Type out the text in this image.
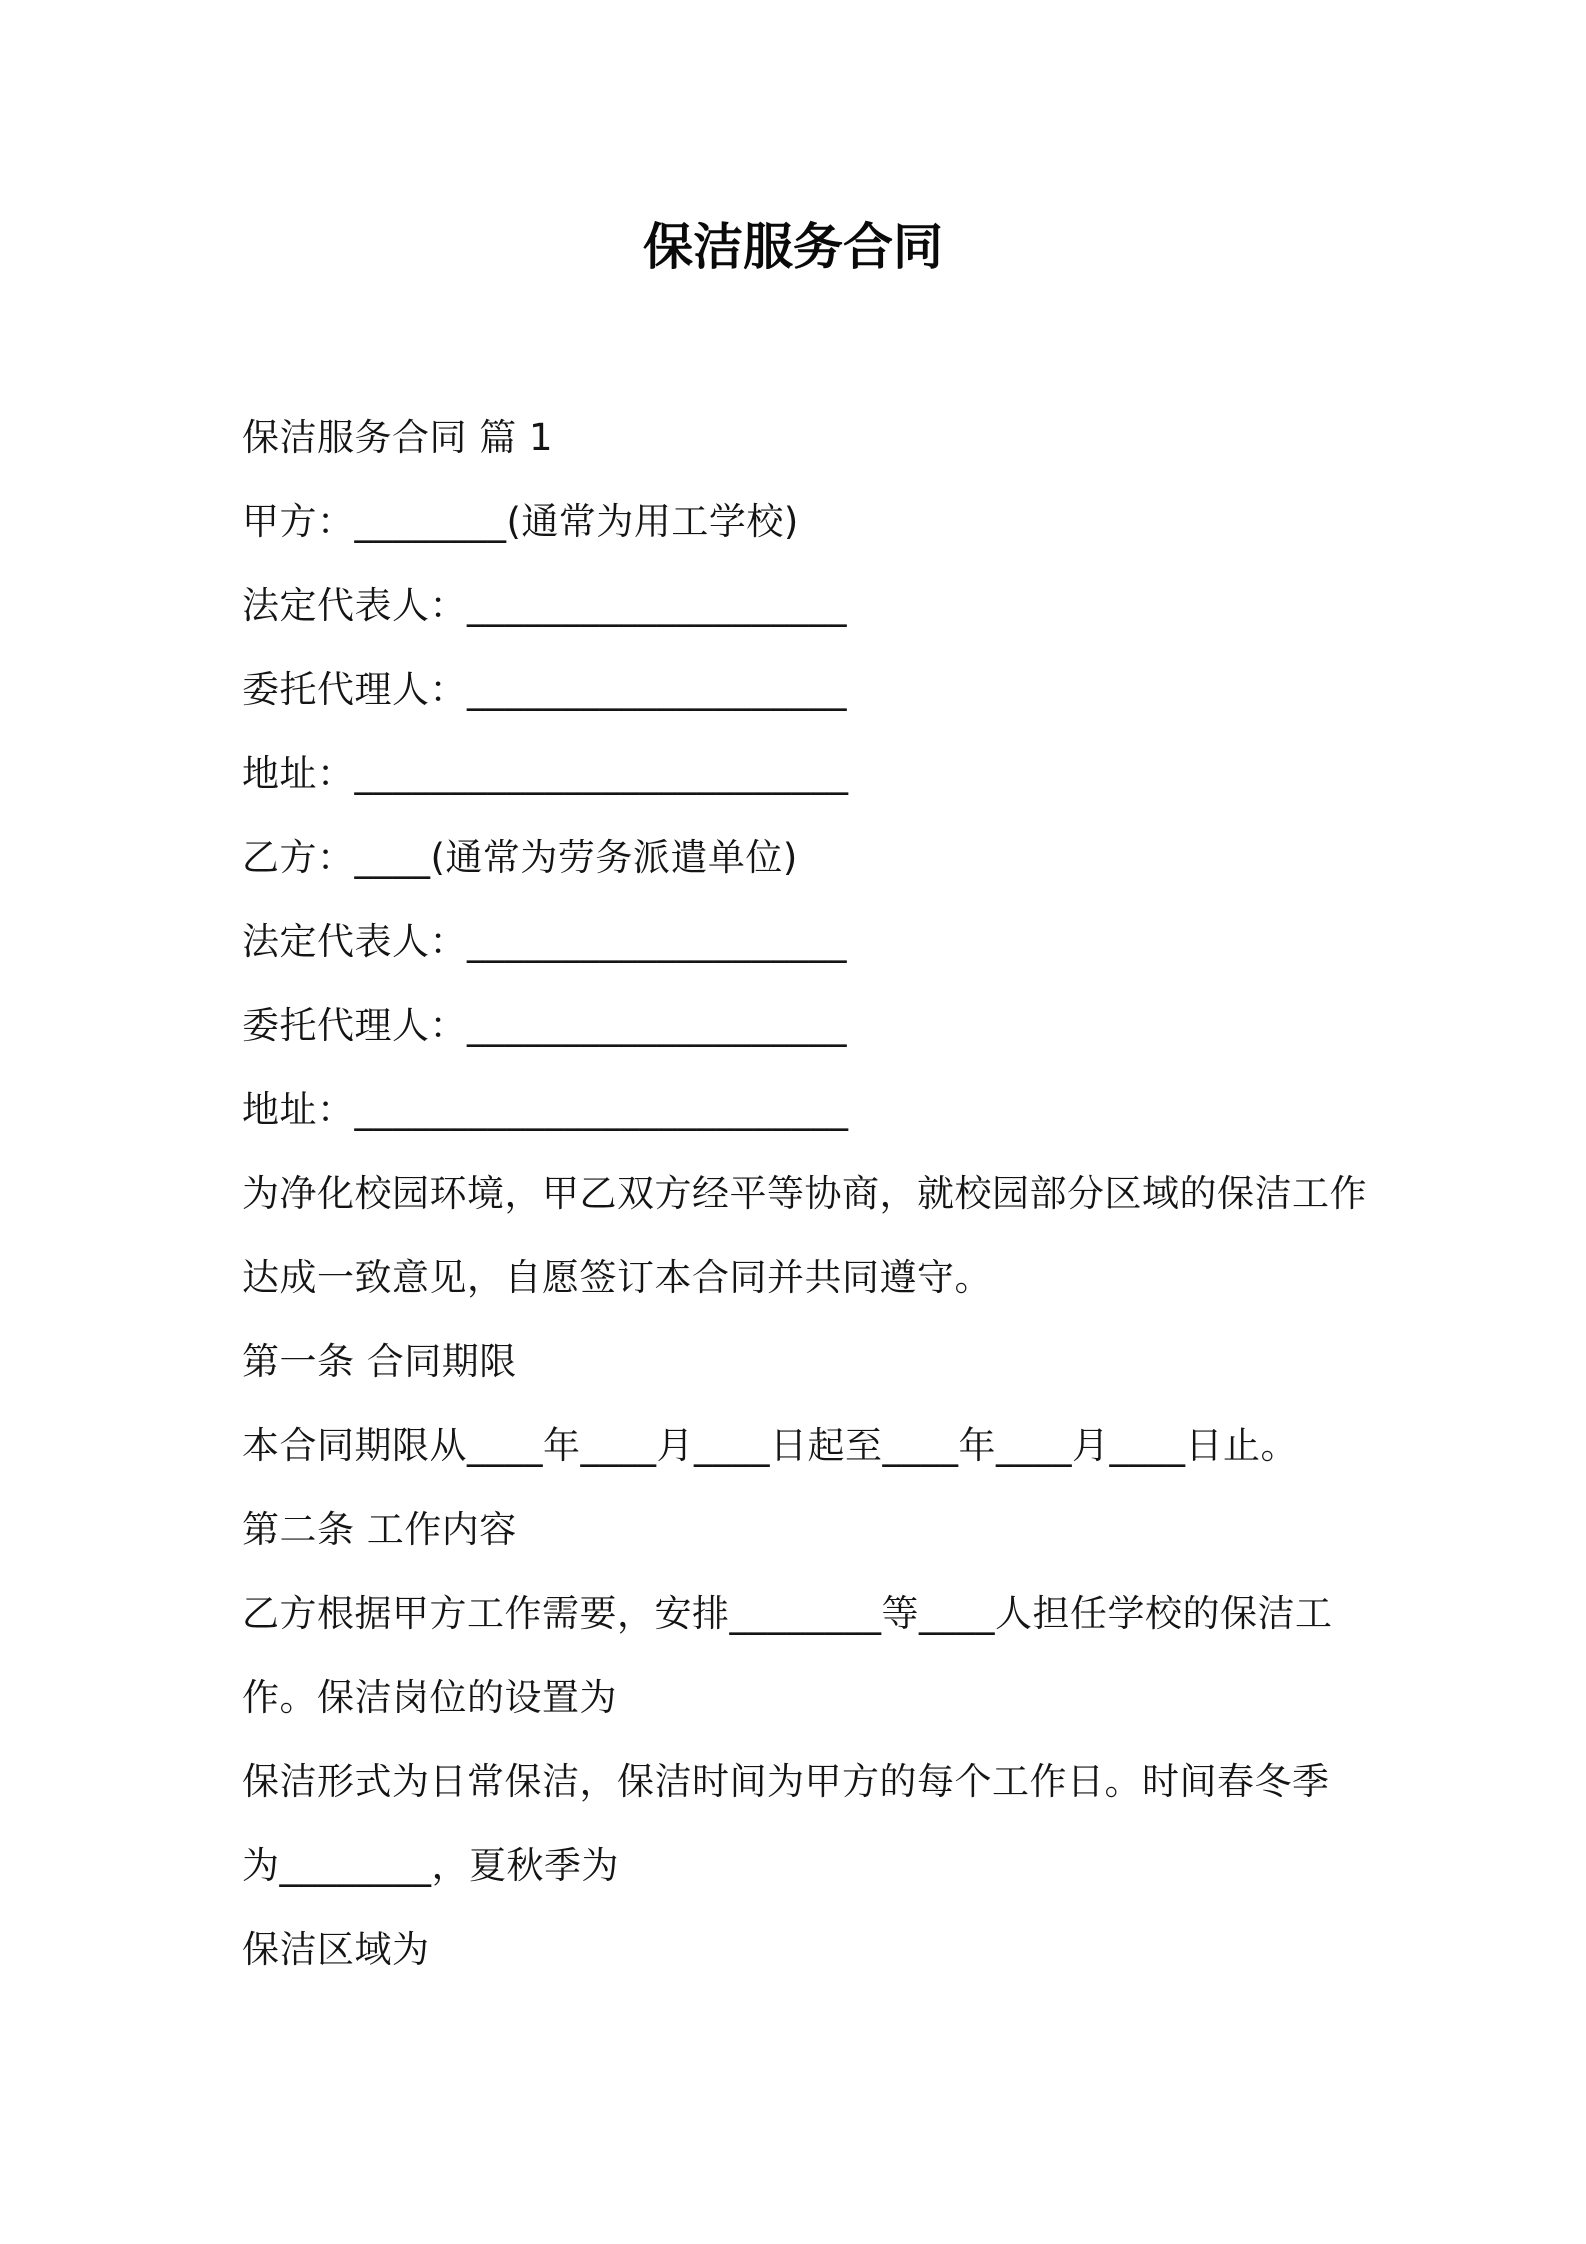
保洁服务合同
保洁服务合同 篇 1
甲方：________(通常为用工学校)
法定代表人：____________________
委托代理人：____________________
地址：__________________________
乙方：____(通常为劳务派遣单位)
法定代表人：____________________
委托代理人：____________________
地址：__________________________
为净化校园环境，甲乙双方经平等协商，就校园部分区域的保洁工作
达成一致意见，自愿签订本合同并共同遵守。
第一条 合同期限
本合同期限从____年____月____日起至____年____月____日止。
第二条 工作内容
乙方根据甲方工作需要，安排________等____人担任学校的保洁工
作。保洁岗位的设置为
保洁形式为日常保洁，保洁时间为甲方的每个工作日。时间春冬季
为________，夏秋季为
保洁区域为
